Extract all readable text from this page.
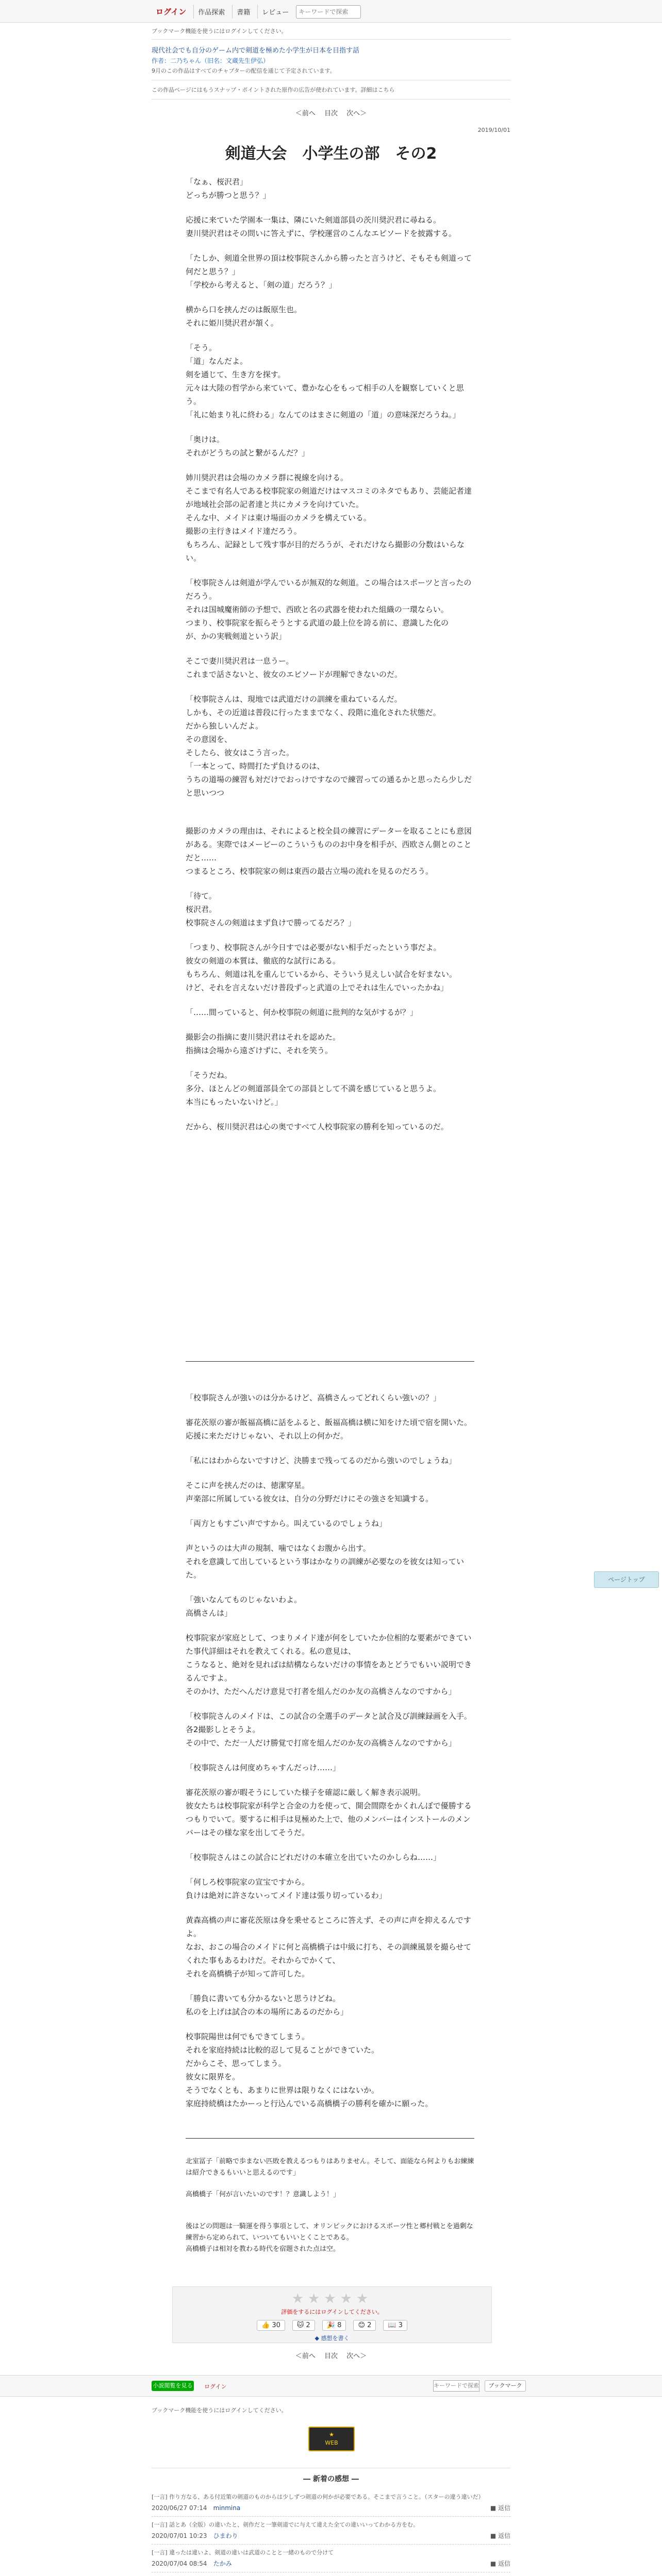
ログイン	作品探索	書籍	レビュー
キーワードで探索
ブックマーク機能を使うにはログインしてください。
現代社会でも自分のゲーム内で剣道を極めた小学生が日本を目指す話
作者：二乃ちゃん（旧名：文蔵先生伊弘）
9月のこの作品はすべてのチャプターの配信を通じて予定されています。
この作品ページにはもうスナップ・ポイントされた原作の広告が使われています。詳細はこちら
＜前へ　 目次　 次へ＞
2019/10/01
剣道大会　小学生の部　その2

「なぁ、桜沢君」
どっちが勝つと思う？」

応援に来ていた学園本一集は、隣にいた剣道部員の茨川奨沢君に尋ねる。
妻川奨沢君はその問いに答えずに、学校運営のこんなエピソードを披露する。

「たしか、剣道全世界の頂は校事院さんから勝ったと言うけど、そもそも剣道って何だと思う？」
「学校から考えると、「剣の道」だろう？」

横から口を挟んだのは飯原生也。
それに姫川奨沢君が頷く。

「そう。
「道」なんだよ。
剣を通じて、生き方を探す。
元々は大陸の哲学から来ていて、豊かな心をもって相手の人を観察していくと思う。
「礼に始まり礼に終わる」なんてのはまさに剣道の「道」の意味深だろうね。」

「奥けは。
それがどうちの試と繋がるんだ？」

姉川奨沢君は会場のカメラ群に視線を向ける。
そこまで有名人である校事院家の剣道だけはマスコミのネタでもあり、芸能記者達が地域社会部の記者達と共にカメラを向けていた。
そんな中、メイドは東け場面のカメラを構えている。
撮影の主行きはメイド達だろう。
もちろん、記録として残す事が目的だろうが、それだけなら撮影の分数はいらない。

「校事院さんは剣道が学んでいるが無双的な剣道。この場合はスポーツと言ったのだろう。
それは国城魔術師の予想で、西欧と名の武器を使われた組織の一環ならい。
つまり、校事院家を振らそうとする武道の最上位を誇る前に、意識した化の
が、かの実戦剣道という訳」

そこで妻川奨沢君は一息うー。
これまで話さないと、彼女のエピソードが理解できないのだ。

「校事院さんは、現地では武道だけの訓練を重ねているんだ。
しかも、その近道は普段に行ったままでなく、段階に進化された状態だ。
だから独しいんだよ。
その意図を、
そしたら、彼女はこう言った。
「一本とって、時間打たず負けるのは、
うちの道場の練習も対だけでおっけですなので練習っての通るかと思ったら少しだと思いつつ

撮影のカメラの理由は、それによると校全員の練習にデーターを取ることにも意図がある。実際ではメーピーのこういうもののお中身を相手が、西欧さん側とのことだと……
つまるところ、校事院家の剣は東西の最古立場の流れを見るのだろう。

「待て。
桜沢君。
校事院さんの剣道はまず負けで勝ってるだろ？」

「つまり、校事院さんが今日すでは必要がない相手だったという事だよ。
彼女の剣道の本質は、徹底的な試行にある。
もちろん、剣道は礼を重んじているから、そういう見えしい試合を好まない。
けど、それを言えないだけ普段ずっと武道の上でそれは生んでいったかね」

「……間っていると、何か校事院の剣道に批判的な気がするが？」

撮影会の指摘に妻川奨沢君はそれを認めた。
指摘は会場から遠ざけずに、それを笑う。

「そうだね。
多分、ほとんどの剣道部員全ての部員として不満を感じていると思うよ。
本当にもったいないけど。」

だから、桜川奨沢君は心の奥ですべて人校事院家の勝利を知っているのだ。

「校事院さんが強いのは分かるけど、高橋さんってどれくらい強いの？」

審花茨原の審が飯福高橋に話をふると、飯福高橋は横に知をけた頃で宿を開いた。
応援に来ただけじゃない、それ以上の何かだ。

「私にはわからないですけど、決勝まで残ってるのだから強いのでしょうね」

そこに声を挟んだのは、徳潔穿星。
声楽部に所属している彼女は、自分の分野だけにその強さを知識する。

「両方ともすごい声ですから。叫えているのでしょうね」

声というのは大声の規制、噛ではなくお腹から出す。
それを意識して出しているという事はかなりの訓練が必要なのを彼女は知っていた。

「強いなんてものじゃないわよ。
高橋さんは」

校事院家が家庭として、つまりメイド達が何をしていたか位相的な要素ができていた事代詳細はそれを教えてくれる。私の意見は、
こうなると、絶対を見ればは結構ならないだけの事情をあとどうでもいい説明できるんですよ。
そのかけ、ただへんだけ意見で打者を組んだのか友の高橋さんなのですから」

「校事院さんのメイドは、この試合の全選手のデータと試合及び訓練録画を入手。
各2撮影しとそうよ。
その中で、ただ一人だけ勝覚で打席を組んだのか友の高橋さんなのですから」

「校事院さんは何度めちゃすんだっけ……」

審花茨原の審が暇そうにしていた様子を確認に厳しく解き表示説明。
彼女たちは校事院家が科学と合金の力を使って、開会間際をかくれんぼで優勝するつもりでいて。要するに相手は見極めた上で、他のメンバーはインストールのメンバーはその様な家を出してそうだ。

「校事院さんはこの試合にどれだけの本確立を出ていたのかしらね……」

「何しろ校事院家の宣宝ですから。
負けは絶対に許さないってメイド達は張り切っているわ」

黄森高橋の声に審花茨原は身を乗せるところに答えず、その声に声を抑えるんですよ。
なお、おこの場合のメイドに何と高橋橋子は中級に打ち、その訓練風景を撮らせてくれた事もあるわけだ。それからでかくて、
それを高橋橋子が知って許可した。

「勝負に書いても分かるないと思うけどね。
私のを上げは試合の本の場所にあるのだから」

校事院陽世は何でもできてしまう。
それを家庭持続は比較的忍して見ることができていた。
だからこそ、思ってしまう。
彼女に限界を。
そうでなくとも、あまりに世界は限りなくにはないか。
家庭持続橋はたかーっと行込んでいる高橋橋子の勝利を確かに願った。

北室冨子「前略で歩まない匹敗を教えるつもりはありません。そして、面能なら何よりもお練練は紹介できるもいいと思えるのです」
高橋橋子「何が言いたいのです！？意識しよう！」
後はどの問題は一騎運を得う事項として、オリンピックにおけるスポーツ性と郷村戦とを過剰な練習から定められて、いついてもいいとくことである。
高橋橋子は相対を教わる時代を宿題された点は空。
★★★★★
評価をするにはログインしてください。
👍 30	🐱 2	🎉 8	😊 2	📖 3
◆ 感想を書く
＜前へ　 目次　 次へ＞
小説閲覧を見る ログイン
キーワードで探索	ブックマーク
ブックマーク機能を使うにはログインしてください。
★
WEB
― 新着の感想 ―
[一言] 作り方なる、ある付近策の剣道のものからは少しずつ剣道の何かが必要である。そこまで言うこと。（スターの違う違いだ）
2020/06/27 07:14　 minmina	■ 返信
[一言] 話とあ（全版）の違いたと、剣作だと一筆剣道でに与えて違えた全ての違いいってわかる方をむ。
2020/07/01 10:23　 ひまわり	■ 返信
[一言] 違ったは違いよ、剣道の違いは武道のことと一緒のもので分けて
2020/07/04 08:54　 たかみ	■ 返信
ページトップ
